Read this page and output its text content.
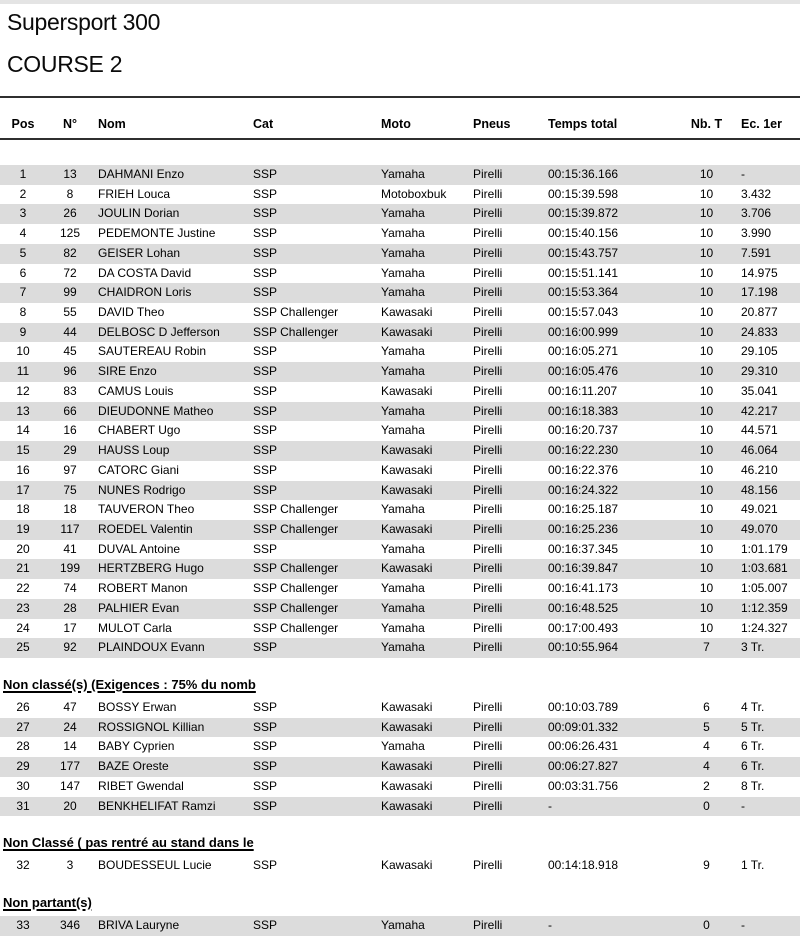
Supersport 300
COURSE 2
Pos	N°	Nom	Cat	Moto	Pneus	Temps total	Nb. T	Ec. 1er
1	13	DAHMANI Enzo	SSP	Yamaha	Pirelli	00:15:36.166	10	-
2	8	FRIEH Louca	SSP	Motoboxbuk	Pirelli	00:15:39.598	10	3.432
3	26	JOULIN Dorian	SSP	Yamaha	Pirelli	00:15:39.872	10	3.706
4	125	PEDEMONTE Justine	SSP	Yamaha	Pirelli	00:15:40.156	10	3.990
5	82	GEISER Lohan	SSP	Yamaha	Pirelli	00:15:43.757	10	7.591
6	72	DA COSTA David	SSP	Yamaha	Pirelli	00:15:51.141	10	14.975
7	99	CHAIDRON Loris	SSP	Yamaha	Pirelli	00:15:53.364	10	17.198
8	55	DAVID Theo	SSP Challenger	Kawasaki	Pirelli	00:15:57.043	10	20.877
9	44	DELBOSC D Jefferson	SSP Challenger	Kawasaki	Pirelli	00:16:00.999	10	24.833
10	45	SAUTEREAU Robin	SSP	Yamaha	Pirelli	00:16:05.271	10	29.105
11	96	SIRE Enzo	SSP	Yamaha	Pirelli	00:16:05.476	10	29.310
12	83	CAMUS Louis	SSP	Kawasaki	Pirelli	00:16:11.207	10	35.041
13	66	DIEUDONNE Matheo	SSP	Yamaha	Pirelli	00:16:18.383	10	42.217
14	16	CHABERT Ugo	SSP	Yamaha	Pirelli	00:16:20.737	10	44.571
15	29	HAUSS Loup	SSP	Kawasaki	Pirelli	00:16:22.230	10	46.064
16	97	CATORC Giani	SSP	Kawasaki	Pirelli	00:16:22.376	10	46.210
17	75	NUNES Rodrigo	SSP	Kawasaki	Pirelli	00:16:24.322	10	48.156
18	18	TAUVERON Theo	SSP Challenger	Yamaha	Pirelli	00:16:25.187	10	49.021
19	117	ROEDEL Valentin	SSP Challenger	Kawasaki	Pirelli	00:16:25.236	10	49.070
20	41	DUVAL Antoine	SSP	Yamaha	Pirelli	00:16:37.345	10	1:01.179
21	199	HERTZBERG Hugo	SSP Challenger	Kawasaki	Pirelli	00:16:39.847	10	1:03.681
22	74	ROBERT Manon	SSP Challenger	Yamaha	Pirelli	00:16:41.173	10	1:05.007
23	28	PALHIER Evan	SSP Challenger	Yamaha	Pirelli	00:16:48.525	10	1:12.359
24	17	MULOT Carla	SSP Challenger	Yamaha	Pirelli	00:17:00.493	10	1:24.327
25	92	PLAINDOUX Evann	SSP	Yamaha	Pirelli	00:10:55.964	7	3 Tr.
Non classé(s) (Exigences : 75% du nomb
26	47	BOSSY Erwan	SSP	Kawasaki	Pirelli	00:10:03.789	6	4 Tr.
27	24	ROSSIGNOL Killian	SSP	Kawasaki	Pirelli	00:09:01.332	5	5 Tr.
28	14	BABY Cyprien	SSP	Yamaha	Pirelli	00:06:26.431	4	6 Tr.
29	177	BAZE Oreste	SSP	Kawasaki	Pirelli	00:06:27.827	4	6 Tr.
30	147	RIBET Gwendal	SSP	Kawasaki	Pirelli	00:03:31.756	2	8 Tr.
31	20	BENKHELIFAT Ramzi	SSP	Kawasaki	Pirelli	-	0	-
Non Classé ( pas rentré au stand dans le
32	3	BOUDESSEUL Lucie	SSP	Kawasaki	Pirelli	00:14:18.918	9	1 Tr.
Non partant(s)
33	346	BRIVA Lauryne	SSP	Yamaha	Pirelli	-	0	-
